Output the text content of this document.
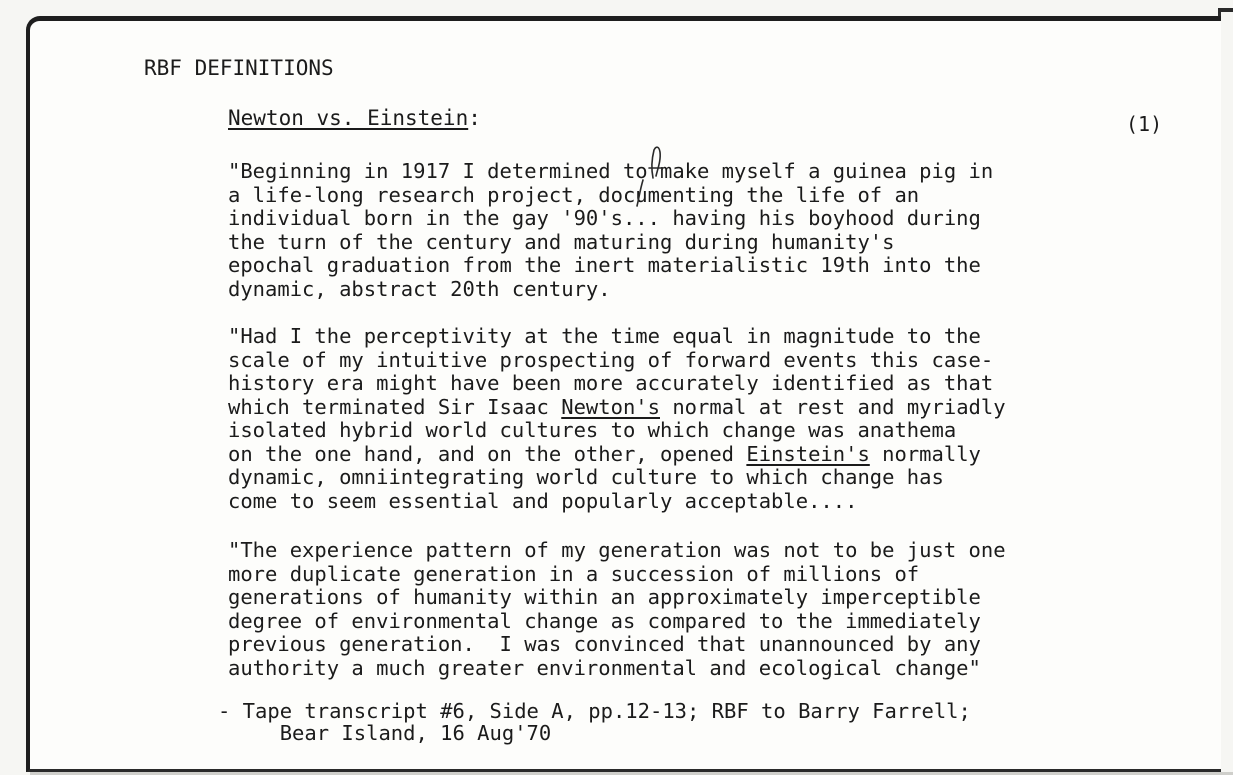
RBF DEFINITIONS
Newton vs. Einstein:	(1)
"Beginning in 1917 I determined to make myself a guinea pig in
a life-long research project, documenting the life of an
individual born in the gay '90's... having his boyhood during
the turn of the century and maturing during humanity's
epochal graduation from the inert materialistic 19th into the
dynamic, abstract 20th century.
"Had I the perceptivity at the time equal in magnitude to the
scale of my intuitive prospecting of forward events this case-
history era might have been more accurately identified as that
which terminated Sir Isaac Newton's normal at rest and myriadly
isolated hybrid world cultures to which change was anathema
on the one hand, and on the other, opened Einstein's normally
dynamic, omniintegrating world culture to which change has
come to seem essential and popularly acceptable....
"The experience pattern of my generation was not to be just one
more duplicate generation in a succession of millions of
generations of humanity within an approximately imperceptible
degree of environmental change as compared to the immediately
previous generation.  I was convinced that unannounced by any
authority a much greater environmental and ecological change"
- Tape transcript #6, Side A, pp.12-13; RBF to Barry Farrell;
Bear Island, 16 Aug'70
